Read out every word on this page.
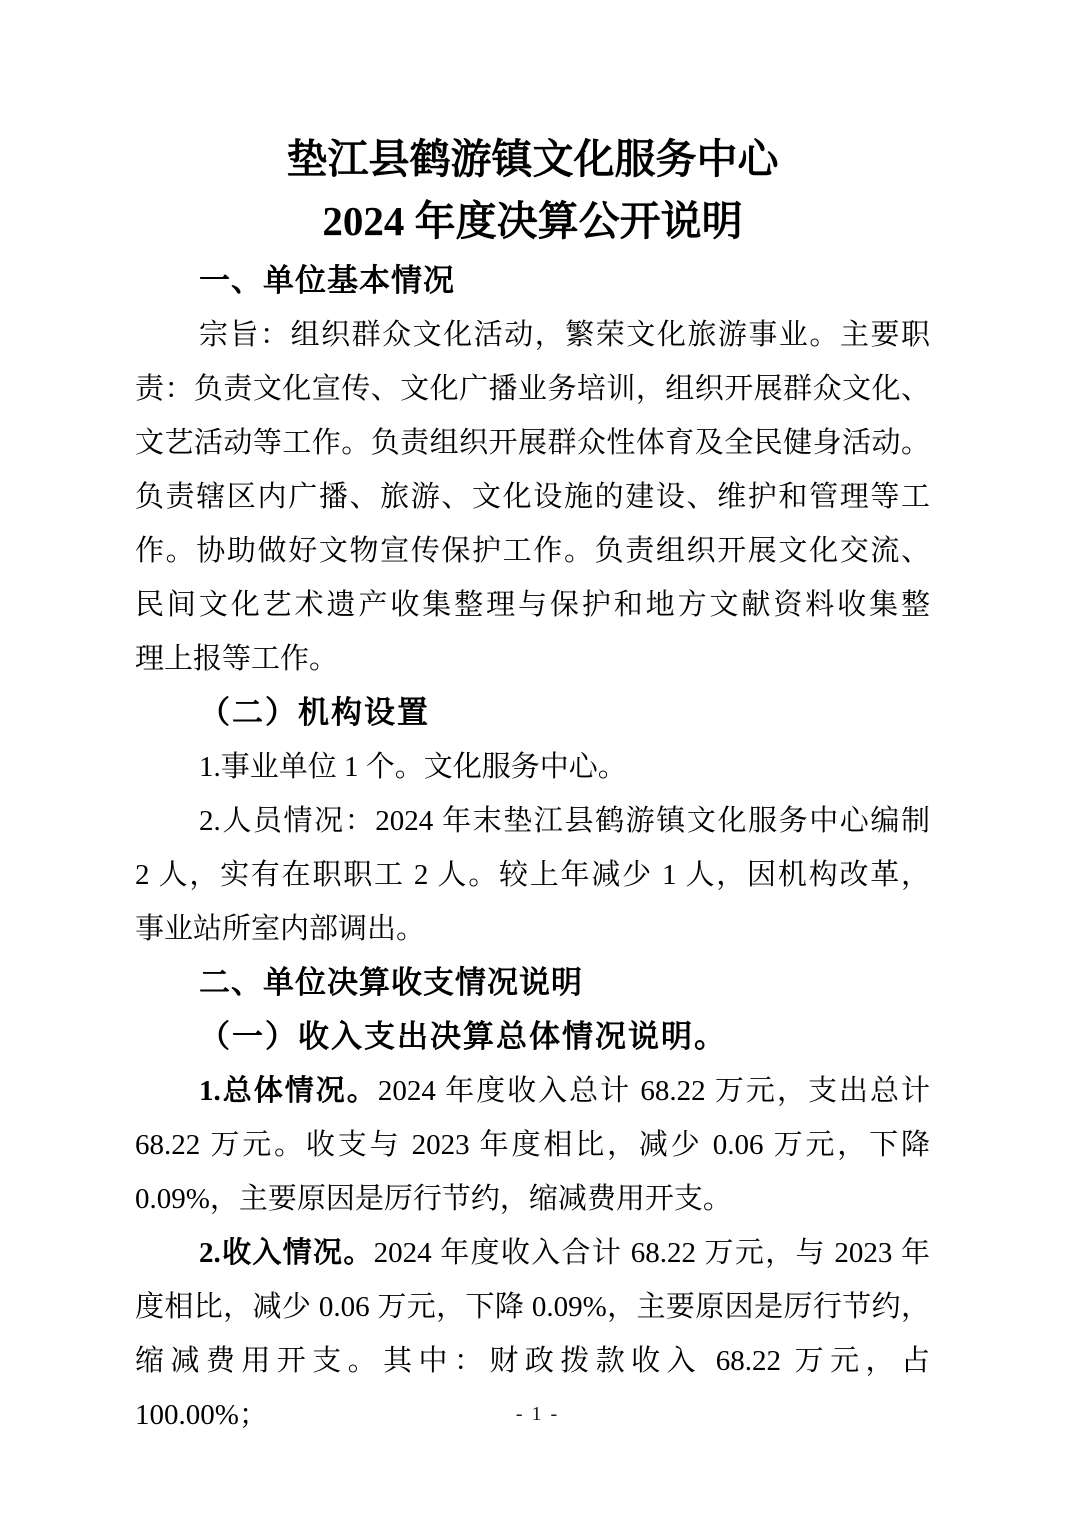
垫江县鹤游镇文化服务中心
2024 年度决算公开说明
一、单位基本情况
宗旨：组织群众文化活动，繁荣文化旅游事业。主要职
责：负责文化宣传、文化广播业务培训，组织开展群众文化、
文艺活动等工作。负责组织开展群众性体育及全民健身活动。
负责辖区内广播、旅游、文化设施的建设、维护和管理等工
作。协助做好文物宣传保护工作。负责组织开展文化交流、
民间文化艺术遗产收集整理与保护和地方文献资料收集整
理上报等工作。
（二）机构设置
1.事业单位 1 个。文化服务中心。
2.人员情况：2024 年末垫江县鹤游镇文化服务中心编制
2 人，实有在职职工 2 人。较上年减少 1 人，因机构改革，
事业站所室内部调出。
二、单位决算收支情况说明
（一）收入支出决算总体情况说明。
1.总体情况。2024 年度收入总计 68.22 万元，支出总计
68.22 万元。收支与 2023 年度相比，减少 0.06 万元，下降
0.09%，主要原因是厉行节约，缩减费用开支。
2.收入情况。2024 年度收入合计 68.22 万元，与 2023 年
度相比，减少 0.06 万元，下降 0.09%，主要原因是厉行节约，
缩减费用开支。其中：财政拨款收入 68.22 万元，占 100.00%；	- 1 -
